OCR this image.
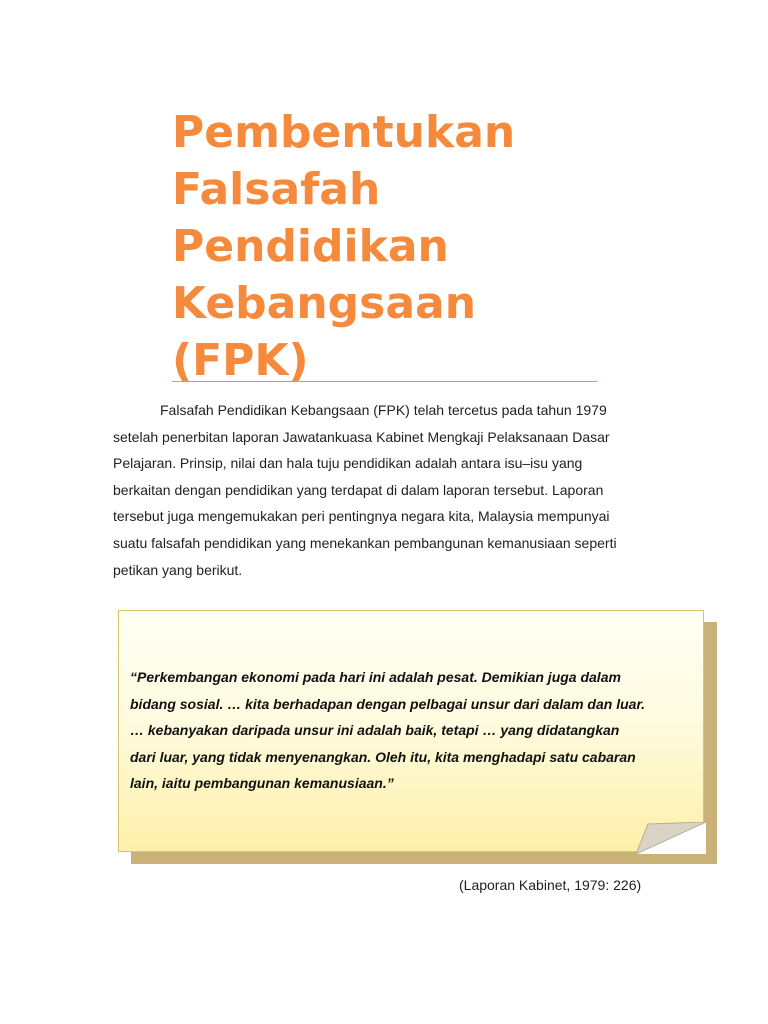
Pembentukan
Falsafah
Pendidikan
Kebangsaan
(FPK)
Falsafah Pendidikan Kebangsaan (FPK) telah tercetus pada tahun 1979
setelah penerbitan laporan Jawatankuasa Kabinet Mengkaji Pelaksanaan Dasar
Pelajaran. Prinsip, nilai dan hala tuju pendidikan adalah antara isu–isu yang
berkaitan dengan pendidikan yang terdapat di dalam laporan tersebut. Laporan
tersebut juga mengemukakan peri pentingnya negara kita, Malaysia mempunyai
suatu falsafah pendidikan yang menekankan pembangunan kemanusiaan seperti
petikan yang berikut.
“Perkembangan ekonomi pada hari ini adalah pesat. Demikian juga dalam
bidang sosial. … kita berhadapan dengan pelbagai unsur dari dalam dan luar.
… kebanyakan daripada unsur ini adalah baik, tetapi … yang didatangkan
dari luar, yang tidak menyenangkan. Oleh itu, kita menghadapi satu cabaran
lain, iaitu pembangunan kemanusiaan.”
(Laporan Kabinet, 1979: 226)
